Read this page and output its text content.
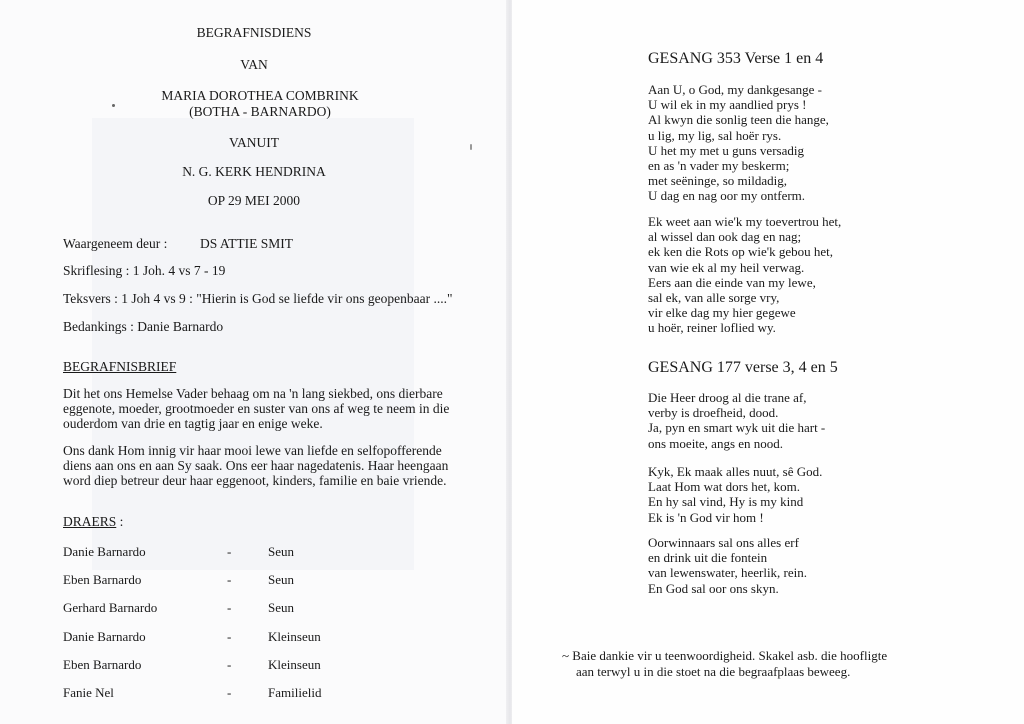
BEGRAFNISDIENS
VAN
MARIA DOROTHEA COMBRINK
(BOTHA - BARNARDO)
VANUIT
N. G. KERK HENDRINA
OP 29 MEI 2000
Waargeneem deur : DS ATTIE SMIT
Skriflesing : 1 Joh. 4 vs 7 - 19
Teksvers : 1 Joh 4 vs 9 : "Hierin is God se liefde vir ons geopenbaar ...."
Bedankings : Danie Barnardo
BEGRAFNISBRIEF
Dit het ons Hemelse Vader behaag om na 'n lang siekbed, ons dierbare
eggenote, moeder, grootmoeder en suster van ons af weg te neem in die
ouderdom van drie en tagtig jaar en enige weke.
Ons dank Hom innig vir haar mooi lewe van liefde en selfopofferende
diens aan ons en aan Sy saak. Ons eer haar nagedatenis. Haar heengaan
word diep betreur deur haar eggenoot, kinders, familie en baie vriende.
DRAERS :
Danie Barnardo	-	Seun
Eben Barnardo	-	Seun
Gerhard Barnardo	-	Seun
Danie Barnardo	-	Kleinseun
Eben Barnardo	-	Kleinseun
Fanie Nel	-	Familielid
GESANG 353 Verse 1 en 4
Aan U, o God, my dankgesange -
U wil ek in my aandlied prys !
Al kwyn die sonlig teen die hange,
u lig, my lig, sal hoër rys.
U het my met u guns versadig
en as 'n vader my beskerm;
met seëninge, so mildadig,
U dag en nag oor my ontferm.
Ek weet aan wie'k my toevertrou het,
al wissel dan ook dag en nag;
ek ken die Rots op wie'k gebou het,
van wie ek al my heil verwag.
Eers aan die einde van my lewe,
sal ek, van alle sorge vry,
vir elke dag my hier gegewe
u hoër, reiner loflied wy.
GESANG 177 verse 3, 4 en 5
Die Heer droog al die trane af,
verby is droefheid, dood.
Ja, pyn en smart wyk uit die hart -
ons moeite, angs en nood.
Kyk, Ek maak alles nuut, sê God.
Laat Hom wat dors het, kom.
En hy sal vind, Hy is my kind
Ek is 'n God vir hom !
Oorwinnaars sal ons alles erf
en drink uit die fontein
van lewenswater, heerlik, rein.
En God sal oor ons skyn.
~ Baie dankie vir u teenwoordigheid. Skakel asb. die hoofligte
aan terwyl u in die stoet na die begraafplaas beweeg.
